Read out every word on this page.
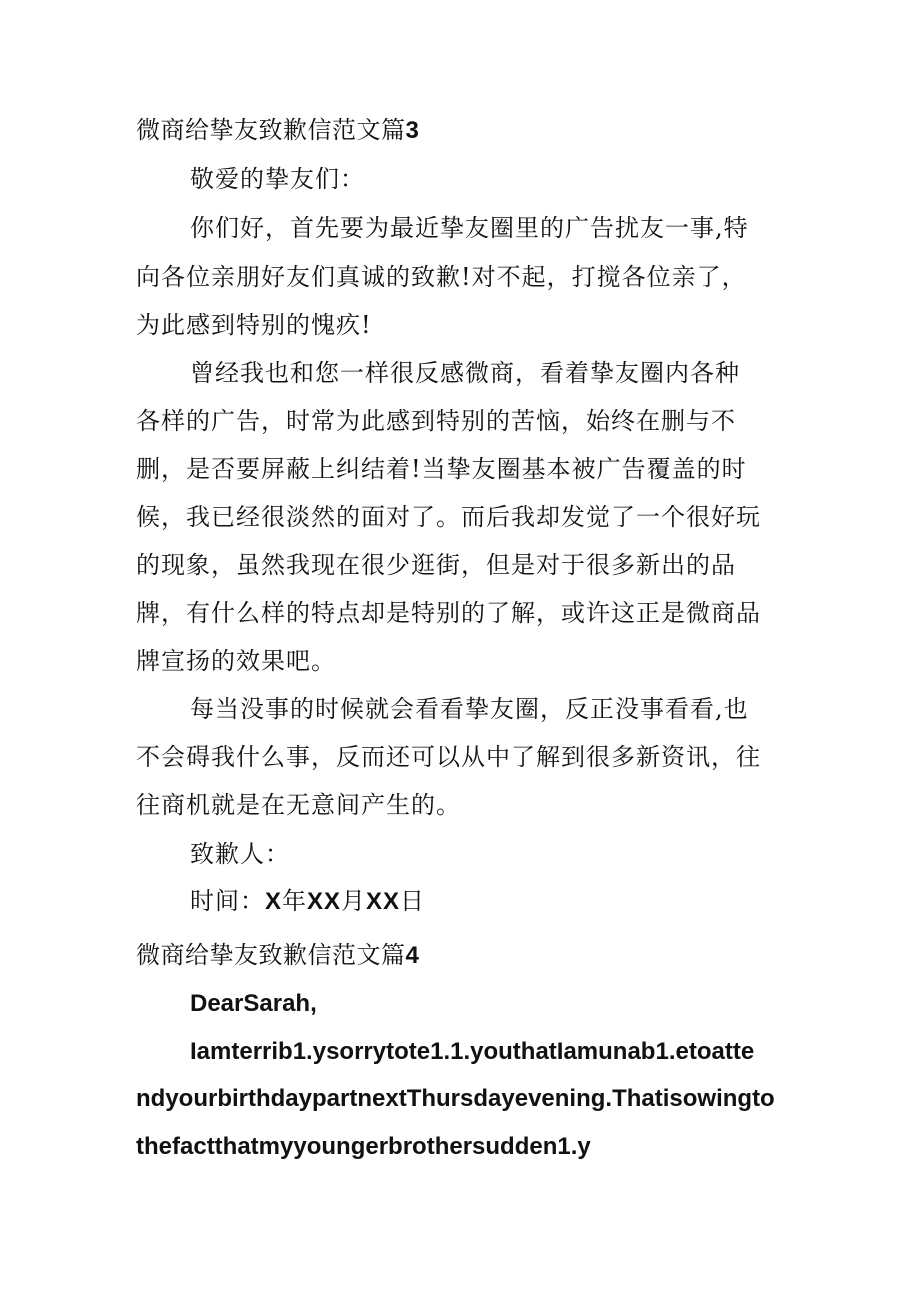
微商给挚友致歉信范文篇3
敬爱的挚友们：
你们好，首先要为最近挚友圈里的广告扰友一事,特
向各位亲朋好友们真诚的致歉!对不起，打搅各位亲了，
为此感到特别的愧疚!
曾经我也和您一样很反感微商，看着挚友圈内各种
各样的广告，时常为此感到特别的苦恼，始终在删与不
删，是否要屏蔽上纠结着!当挚友圈基本被广告覆盖的时
候，我已经很淡然的面对了。而后我却发觉了一个很好玩
的现象，虽然我现在很少逛街，但是对于很多新出的品
牌，有什么样的特点却是特别的了解，或许这正是微商品
牌宣扬的效果吧。
每当没事的时候就会看看挚友圈，反正没事看看,也
不会碍我什么事，反而还可以从中了解到很多新资讯，往
往商机就是在无意间产生的。
致歉人：
时间：X年XX月XX日
微商给挚友致歉信范文篇4
DearSarah,
Iamterrib1.ysorrytote1.1.youthatIamunab1.etoatte
ndyourbirthdaypartnextThursdayevening.Thatisowingto
thefactthatmyyoungerbrothersudden1.y
